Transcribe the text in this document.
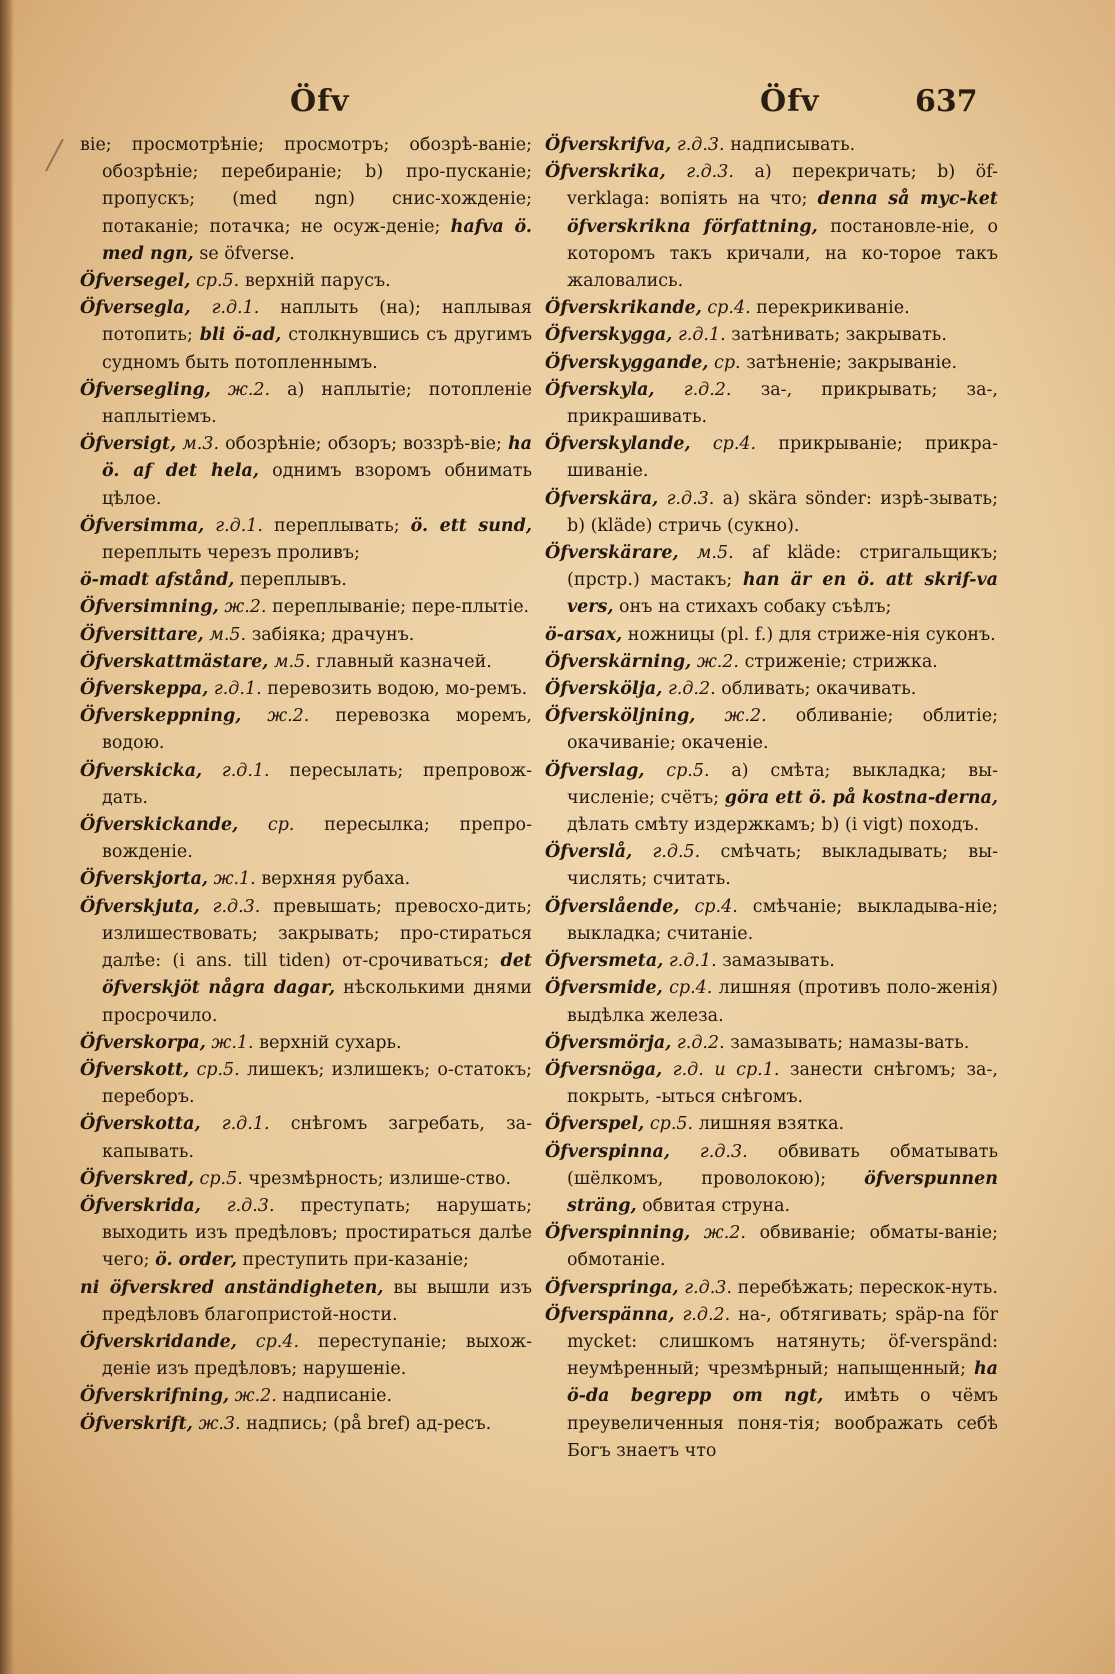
Öfv	Öfv	637

віе; просмотрѣніе; просмотръ; обозрѣ-ваніе; обозрѣніе; перебираніе; b) про-пусканіе; пропускъ; (med ngn) снис-хожденіе; потаканіе; потачка; не осуж-деніе; hafva ö. med ngn, se öfverse.

Öfversegel, ср.5. верхній парусъ.

Öfversegla, г.д.1. наплыть (на); наплывая потопить; bli ö-ad, столкнувшись съ другимъ судномъ быть потопленнымъ.

Öfversegling, ж.2. a) наплытіе; потопленіе наплытіемъ.

Öfversigt, м.3. обозрѣніе; обзоръ; воззрѣ-віе; ha ö. af det hela, однимъ взоромъ обнимать цѣлое.

Öfversimma, г.д.1. переплывать; ö. ett sund, переплыть черезъ проливъ;

ö-madt afstånd, переплывъ.

Öfversimning, ж.2. переплываніе; пере-плытіе.

Öfversittare, м.5. забіяка; драчунъ.

Öfverskattmästare, м.5. главный казначей.

Öfverskeppa, г.д.1. перевозить водою, мо-ремъ.

Öfverskeppning, ж.2. перевозка моремъ, водою.

Öfverskicka, г.д.1. пересылать; препровож-дать.

Öfverskickande, ср. пересылка; препро-вожденіе.

Öfverskjorta, ж.1. верхняя рубаха.

Öfverskjuta, г.д.3. превышать; превосхо-дить; излишествовать; закрывать; про-стираться далѣе: (i ans. till tiden) от-срочиваться; det öfverskjöt några dagar, нѣсколькими днями просрочило.

Öfverskorpa, ж.1. верхній сухарь.

Öfverskott, ср.5. лишекъ; излишекъ; о-статокъ; переборъ.

Öfverskotta, г.д.1. снѣгомъ загребать, за-капывать.

Öfverskred, ср.5. чрезмѣрность; излише-ство.

Öfverskrida, г.д.3. преступать; нарушать; выходить изъ предѣловъ; простираться далѣе чего; ö. order, преступить при-казаніе;

ni öfverskred anständigheten, вы вышли изъ предѣловъ благопристой-ности.

Öfverskridande, ср.4. переступаніе; выхож-деніе изъ предѣловъ; нарушеніе.

Öfverskrifning, ж.2. надписаніе.

Öfverskrift, ж.3. надпись; (på bref) ад-ресъ.

Öfverskrifva, г.д.3. надписывать.

Öfverskrika, г.д.3. a) перекричать; b) öf-verklaga: вопіять на что; denna så myc-ket öfverskrikna författning, постановле-ніе, о которомъ такъ кричали, на ко-торое такъ жаловались.

Öfverskrikande, ср.4. перекрикиваніе.

Öfverskygga, г.д.1. затѣнивать; закрывать.

Öfverskyggande, ср. затѣненіе; закрываніе.

Öfverskyla, г.д.2. за-, прикрывать; за-, прикрашивать.

Öfverskylande, ср.4. прикрываніе; прикра-шиваніе.

Öfverskära, г.д.3. a) skära sönder: изрѣ-зывать; b) (kläde) стричь (сукно).

Öfverskärare, м.5. af kläde: стригальщикъ; (прстр.) мастакъ; han är en ö. att skrif-va vers, онъ на стихахъ собаку съѣлъ;

ö-arsax, ножницы (pl. f.) для стриже-нія суконъ.

Öfverskärning, ж.2. стриженіе; стрижка.

Öfverskölja, г.д.2. обливать; окачивать.

Öfversköljning, ж.2. обливаніе; облитіе; окачиваніе; окаченіе.

Öfverslag, ср.5. a) смѣта; выкладка; вы-численіе; счётъ; göra ett ö. på kostna-derna, дѣлать смѣту издержкамъ; b) (i vigt) походъ.

Öfverslå, г.д.5. смѣчать; выкладывать; вы-числять; считать.

Öfverslående, ср.4. смѣчаніе; выкладыва-ніе; выкладка; считаніе.

Öfversmeta, г.д.1. замазывать.

Öfversmide, ср.4. лишняя (противъ поло-женія) выдѣлка железа.

Öfversmörja, г.д.2. замазывать; намазы-вать.

Öfversnöga, г.д. и ср.1. занести снѣгомъ; за-, покрыть, -ыться снѣгомъ.

Öfverspel, ср.5. лишняя взятка.

Öfverspinna, г.д.3. обвивать обматывать (шёлкомъ, проволокою); öfverspunnen sträng, обвитая струна.

Öfverspinning, ж.2. обвиваніе; обматы-ваніе; обмотаніе.

Öfverspringa, г.д.3. перебѣжать; перескок-нуть.

Öfverspänna, г.д.2. на-, обтягивать; späp-na för mycket: слишкомъ натянуть; öf-verspänd: неумѣренный; чрезмѣрный; напыщенный; ha ö-da begrepp om ngt, имѣть о чёмъ преувеличенныя поня-тія; воображать себѣ Богъ знаетъ что
